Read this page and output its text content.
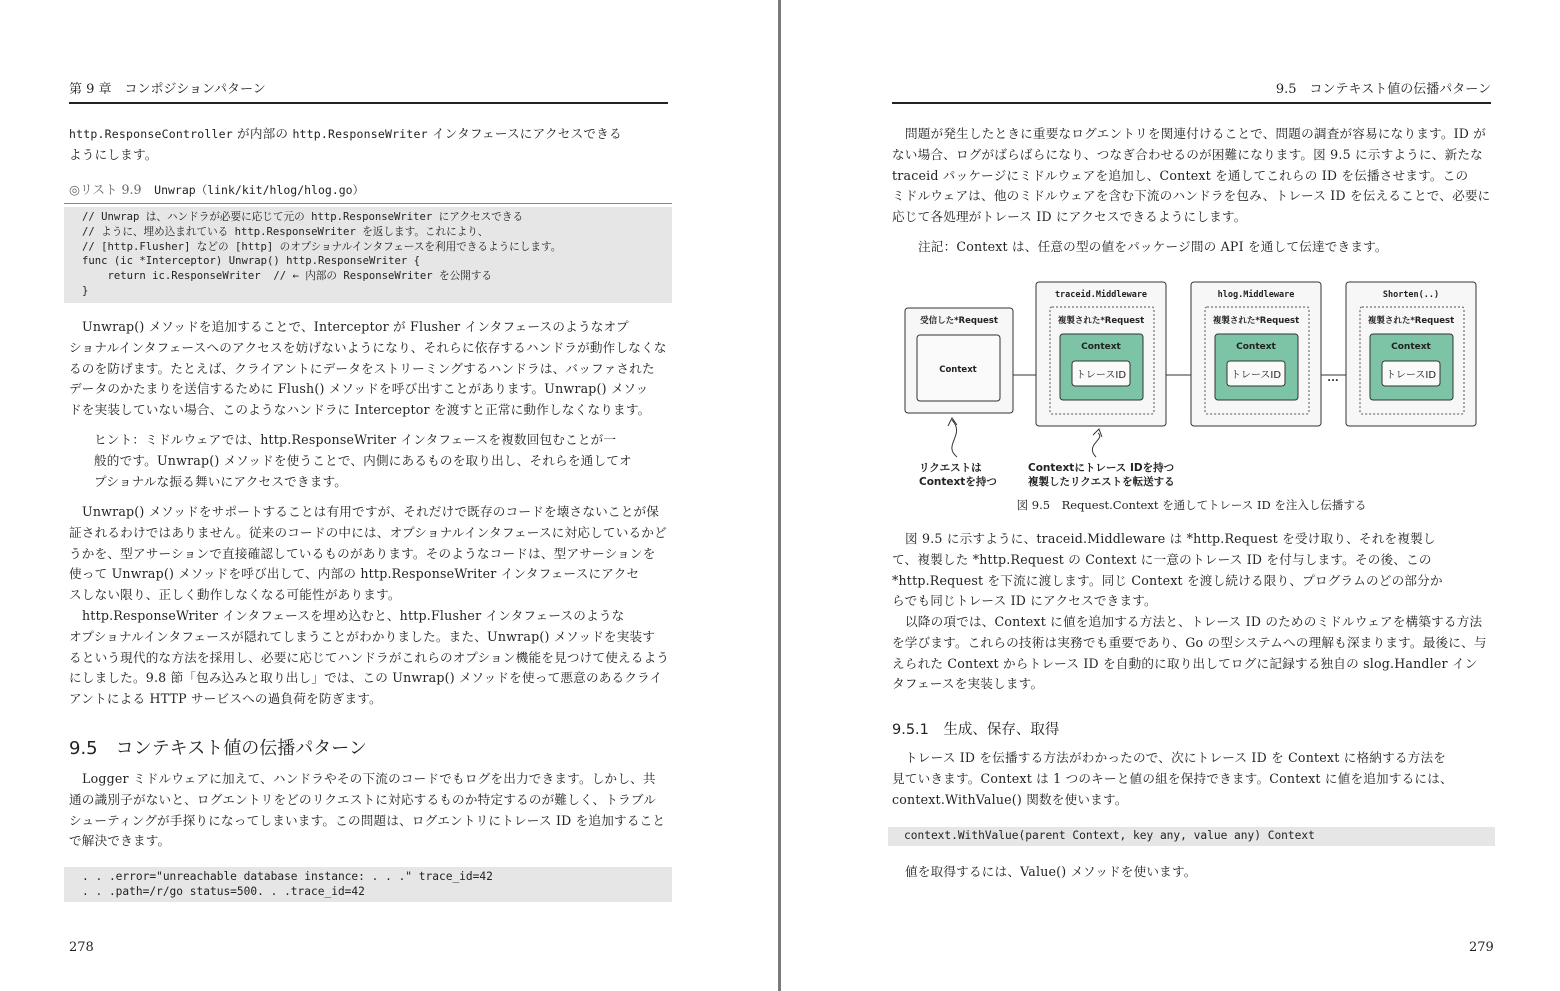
第 9 章　コンポジションパターン

http.ResponseController が内部の http.ResponseWriter インタフェースにアクセスできる
ようにします。

◎リスト 9.9　Unwrap（link/kit/hlog/hlog.go）
// Unwrap は、ハンドラが必要に応じて元の http.ResponseWriter にアクセスできる
// ように、埋め込まれている http.ResponseWriter を返します。これにより、
// [http.Flusher] などの [http] のオプショナルインタフェースを利用できるようにします。
func (ic *Interceptor) Unwrap() http.ResponseWriter {
return ic.ResponseWriter  // ← 内部の ResponseWriter を公開する
}
Unwrap() メソッドを追加することで、Interceptor が Flusher インタフェースのようなオプ
ショナルインタフェースへのアクセスを妨げないようになり、それらに依存するハンドラが動作しなくな
るのを防げます。たとえば、クライアントにデータをストリーミングするハンドラは、バッファされた
データのかたまりを送信するために Flush() メソッドを呼び出すことがあります。Unwrap() メソッ
ドを実装していない場合、このようなハンドラに Interceptor を渡すと正常に動作しなくなります。
ヒント：ミドルウェアでは、http.ResponseWriter インタフェースを複数回包むことが一
般的です。Unwrap() メソッドを使うことで、内側にあるものを取り出し、それらを通してオ
プショナルな振る舞いにアクセスできます。
Unwrap() メソッドをサポートすることは有用ですが、それだけで既存のコードを壊さないことが保
証されるわけではありません。従来のコードの中には、オプショナルインタフェースに対応しているかど
うかを、型アサーションで直接確認しているものがあります。そのようなコードは、型アサーションを
使って Unwrap() メソッドを呼び出して、内部の http.ResponseWriter インタフェースにアクセ
スしない限り、正しく動作しなくなる可能性があります。
http.ResponseWriter インタフェースを埋め込むと、http.Flusher インタフェースのような
オプショナルインタフェースが隠れてしまうことがわかりました。また、Unwrap() メソッドを実装す
るという現代的な方法を採用し、必要に応じてハンドラがこれらのオプション機能を見つけて使えるよう
にしました。9.8 節「包み込みと取り出し」では、この Unwrap() メソッドを使って悪意のあるクライ
アントによる HTTP サービスへの過負荷を防ぎます。
9.5　コンテキスト値の伝播パターン
Logger ミドルウェアに加えて、ハンドラやその下流のコードでもログを出力できます。しかし、共
通の識別子がないと、ログエントリをどのリクエストに対応するものか特定するのが難しく、トラブル
シューティングが手探りになってしまいます。この問題は、ログエントリにトレース ID を追加すること
で解決できます。
. . .error="unreachable database instance: . . ." trace_id=42
. . .path=/r/go status=500. . .trace_id=42
278
9.5　コンテキスト値の伝播パターン
問題が発生したときに重要なログエントリを関連付けることで、問題の調査が容易になります。ID が
ない場合、ログがばらばらになり、つなぎ合わせるのが困難になります。図 9.5 に示すように、新たな
traceid パッケージにミドルウェアを追加し、Context を通してこれらの ID を伝播させます。この
ミドルウェアは、他のミドルウェアを含む下流のハンドラを包み、トレース ID を伝えることで、必要に
応じて各処理がトレース ID にアクセスできるようにします。
注記：Context は、任意の型の値をパッケージ間の API を通して伝達できます。
受信した*Request
Context
traceid.Middleware
複製された*Request
Context
トレースID
hlog.Middleware
複製された*Request
Context
トレースID	...
Shorten(..)
複製された*Request
Context
トレースID
リクエストは
Contextを持つ
Contextにトレース IDを持つ
複製したリクエストを転送する
図 9.5　Request.Context を通してトレース ID を注入し伝播する
図 9.5 に示すように、traceid.Middleware は *http.Request を受け取り、それを複製し
て、複製した *http.Request の Context に一意のトレース ID を付与します。その後、この
*http.Request を下流に渡します。同じ Context を渡し続ける限り、プログラムのどの部分か
らでも同じトレース ID にアクセスできます。
以降の項では、Context に値を追加する方法と、トレース ID のためのミドルウェアを構築する方法
を学びます。これらの技術は実務でも重要であり、Go の型システムへの理解も深まります。最後に、与
えられた Context からトレース ID を自動的に取り出してログに記録する独自の slog.Handler イン
タフェースを実装します。
9.5.1　生成、保存、取得
トレース ID を伝播する方法がわかったので、次にトレース ID を Context に格納する方法を
見ていきます。Context は 1 つのキーと値の組を保持できます。Context に値を追加するには、
context.WithValue() 関数を使います。
context.WithValue(parent Context, key any, value any) Context
値を取得するには、Value() メソッドを使います。
279
